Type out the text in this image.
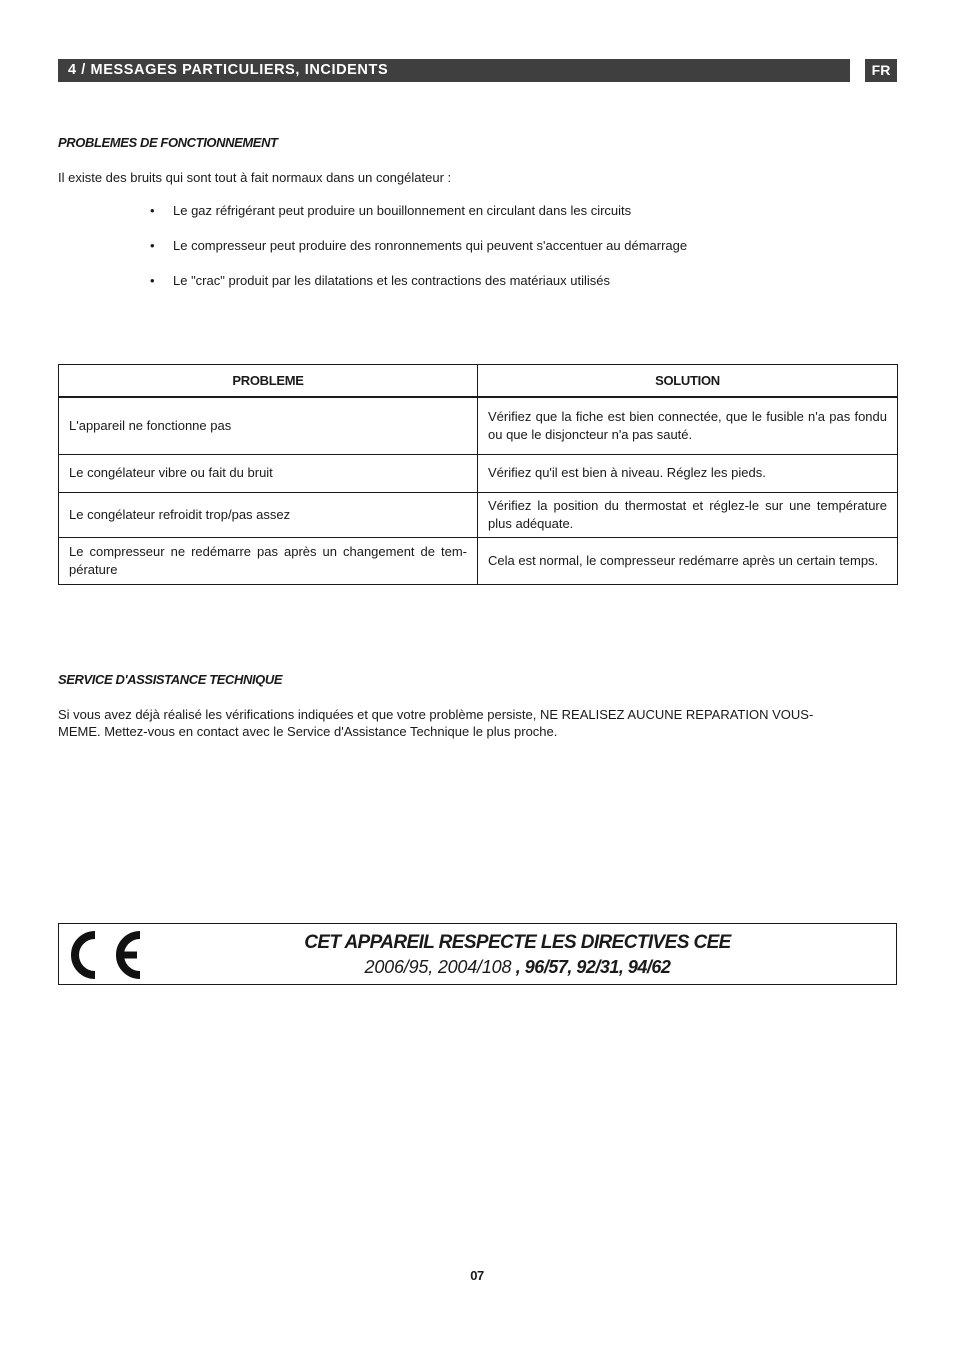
4 / MESSAGES PARTICULIERS, INCIDENTS	FR
PROBLEMES DE FONCTIONNEMENT

Il existe des bruits qui sont tout à fait normaux dans un congélateur :

• Le gaz réfrigérant peut produire un bouillonnement en circulant dans les circuits
• Le compresseur peut produire des ronronnements qui peuvent s'accentuer au démarrage
• Le "crac" produit par les dilatations et les contractions des matériaux utilisés
PROBLEME	SOLUTION
L'appareil ne fonctionne pas	Vérifiez que la fiche est bien connectée, que le fusible n'a pas fondu ou que le disjoncteur n'a pas sauté.
Le congélateur vibre ou fait du bruit	Vérifiez qu'il est bien à niveau. Réglez les pieds.
Le congélateur refroidit trop/pas assez	Vérifiez la position du thermostat et réglez-le sur une température plus adéquate.
Le compresseur ne redémarre pas après un changement de tem-pérature	Cela est normal, le compresseur redémarre après un certain temps.
SERVICE D'ASSISTANCE TECHNIQUE

Si vous avez déjà réalisé les vérifications indiquées et que votre problème persiste, NE REALISEZ AUCUNE REPARATION VOUS-
MEME. Mettez-vous en contact avec le Service d'Assistance Technique le plus proche.

CET APPAREIL RESPECTE LES DIRECTIVES CEE

2006/95, 2004/108 , 96/57, 92/31, 94/62

07
